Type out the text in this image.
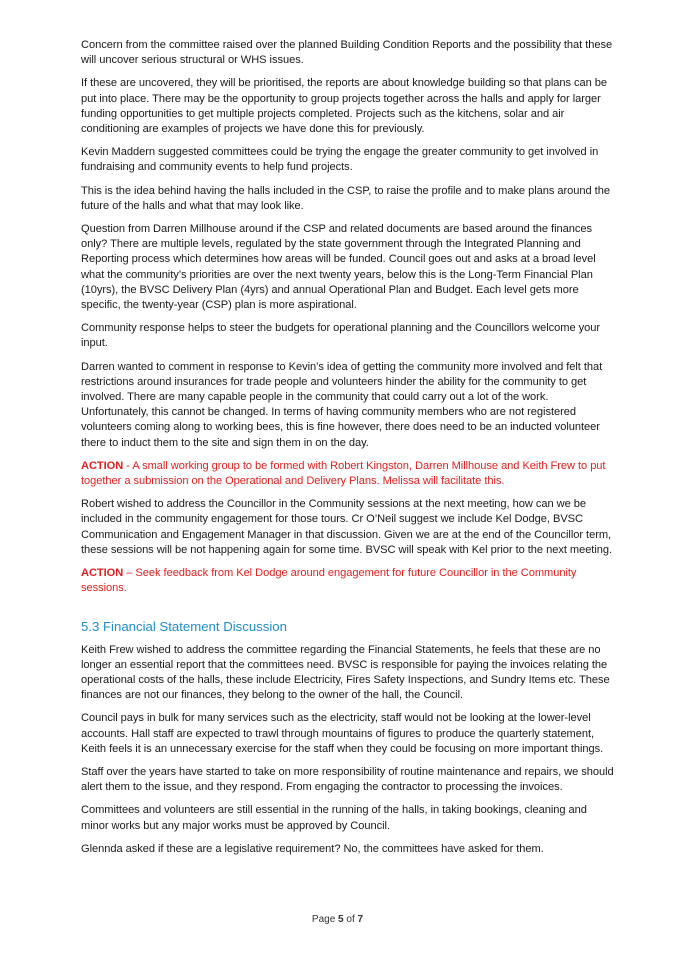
Concern from the committee raised over the planned Building Condition Reports and the possibility that these will uncover serious structural or WHS issues.

If these are uncovered, they will be prioritised, the reports are about knowledge building so that plans can be put into place. There may be the opportunity to group projects together across the halls and apply for larger funding opportunities to get multiple projects completed. Projects such as the kitchens, solar and air conditioning are examples of projects we have done this for previously.

Kevin Maddern suggested committees could be trying the engage the greater community to get involved in fundraising and community events to help fund projects.

This is the idea behind having the halls included in the CSP, to raise the profile and to make plans around the future of the halls and what that may look like.

Question from Darren Millhouse around if the CSP and related documents are based around the finances only? There are multiple levels, regulated by the state government through the Integrated Planning and Reporting process which determines how areas will be funded. Council goes out and asks at a broad level what the community’s priorities are over the next twenty years, below this is the Long-Term Financial Plan (10yrs), the BVSC Delivery Plan (4yrs) and annual Operational Plan and Budget. Each level gets more specific, the twenty-year (CSP) plan is more aspirational.

Community response helps to steer the budgets for operational planning and the Councillors welcome your input.

Darren wanted to comment in response to Kevin’s idea of getting the community more involved and felt that restrictions around insurances for trade people and volunteers hinder the ability for the community to get involved. There are many capable people in the community that could carry out a lot of the work. Unfortunately, this cannot be changed. In terms of having community members who are not registered volunteers coming along to working bees, this is fine however, there does need to be an inducted volunteer there to induct them to the site and sign them in on the day.

ACTION - A small working group to be formed with Robert Kingston, Darren Millhouse and Keith Frew to put together a submission on the Operational and Delivery Plans. Melissa will facilitate this.

Robert wished to address the Councillor in the Community sessions at the next meeting, how can we be included in the community engagement for those tours. Cr O’Neil suggest we include Kel Dodge, BVSC Communication and Engagement Manager in that discussion. Given we are at the end of the Councillor term, these sessions will be not happening again for some time. BVSC will speak with Kel prior to the next meeting.

ACTION – Seek feedback from Kel Dodge around engagement for future Councillor in the Community sessions.

5.3 Financial Statement Discussion

Keith Frew wished to address the committee regarding the Financial Statements, he feels that these are no longer an essential report that the committees need. BVSC is responsible for paying the invoices relating the operational costs of the halls, these include Electricity, Fires Safety Inspections, and Sundry Items etc. These finances are not our finances, they belong to the owner of the hall, the Council.

Council pays in bulk for many services such as the electricity, staff would not be looking at the lower-level accounts. Hall staff are expected to trawl through mountains of figures to produce the quarterly statement, Keith feels it is an unnecessary exercise for the staff when they could be focusing on more important things.

Staff over the years have started to take on more responsibility of routine maintenance and repairs, we should alert them to the issue, and they respond. From engaging the contractor to processing the invoices.

Committees and volunteers are still essential in the running of the halls, in taking bookings, cleaning and minor works but any major works must be approved by Council.

Glennda asked if these are a legislative requirement? No, the committees have asked for them.

Page 5 of 7
